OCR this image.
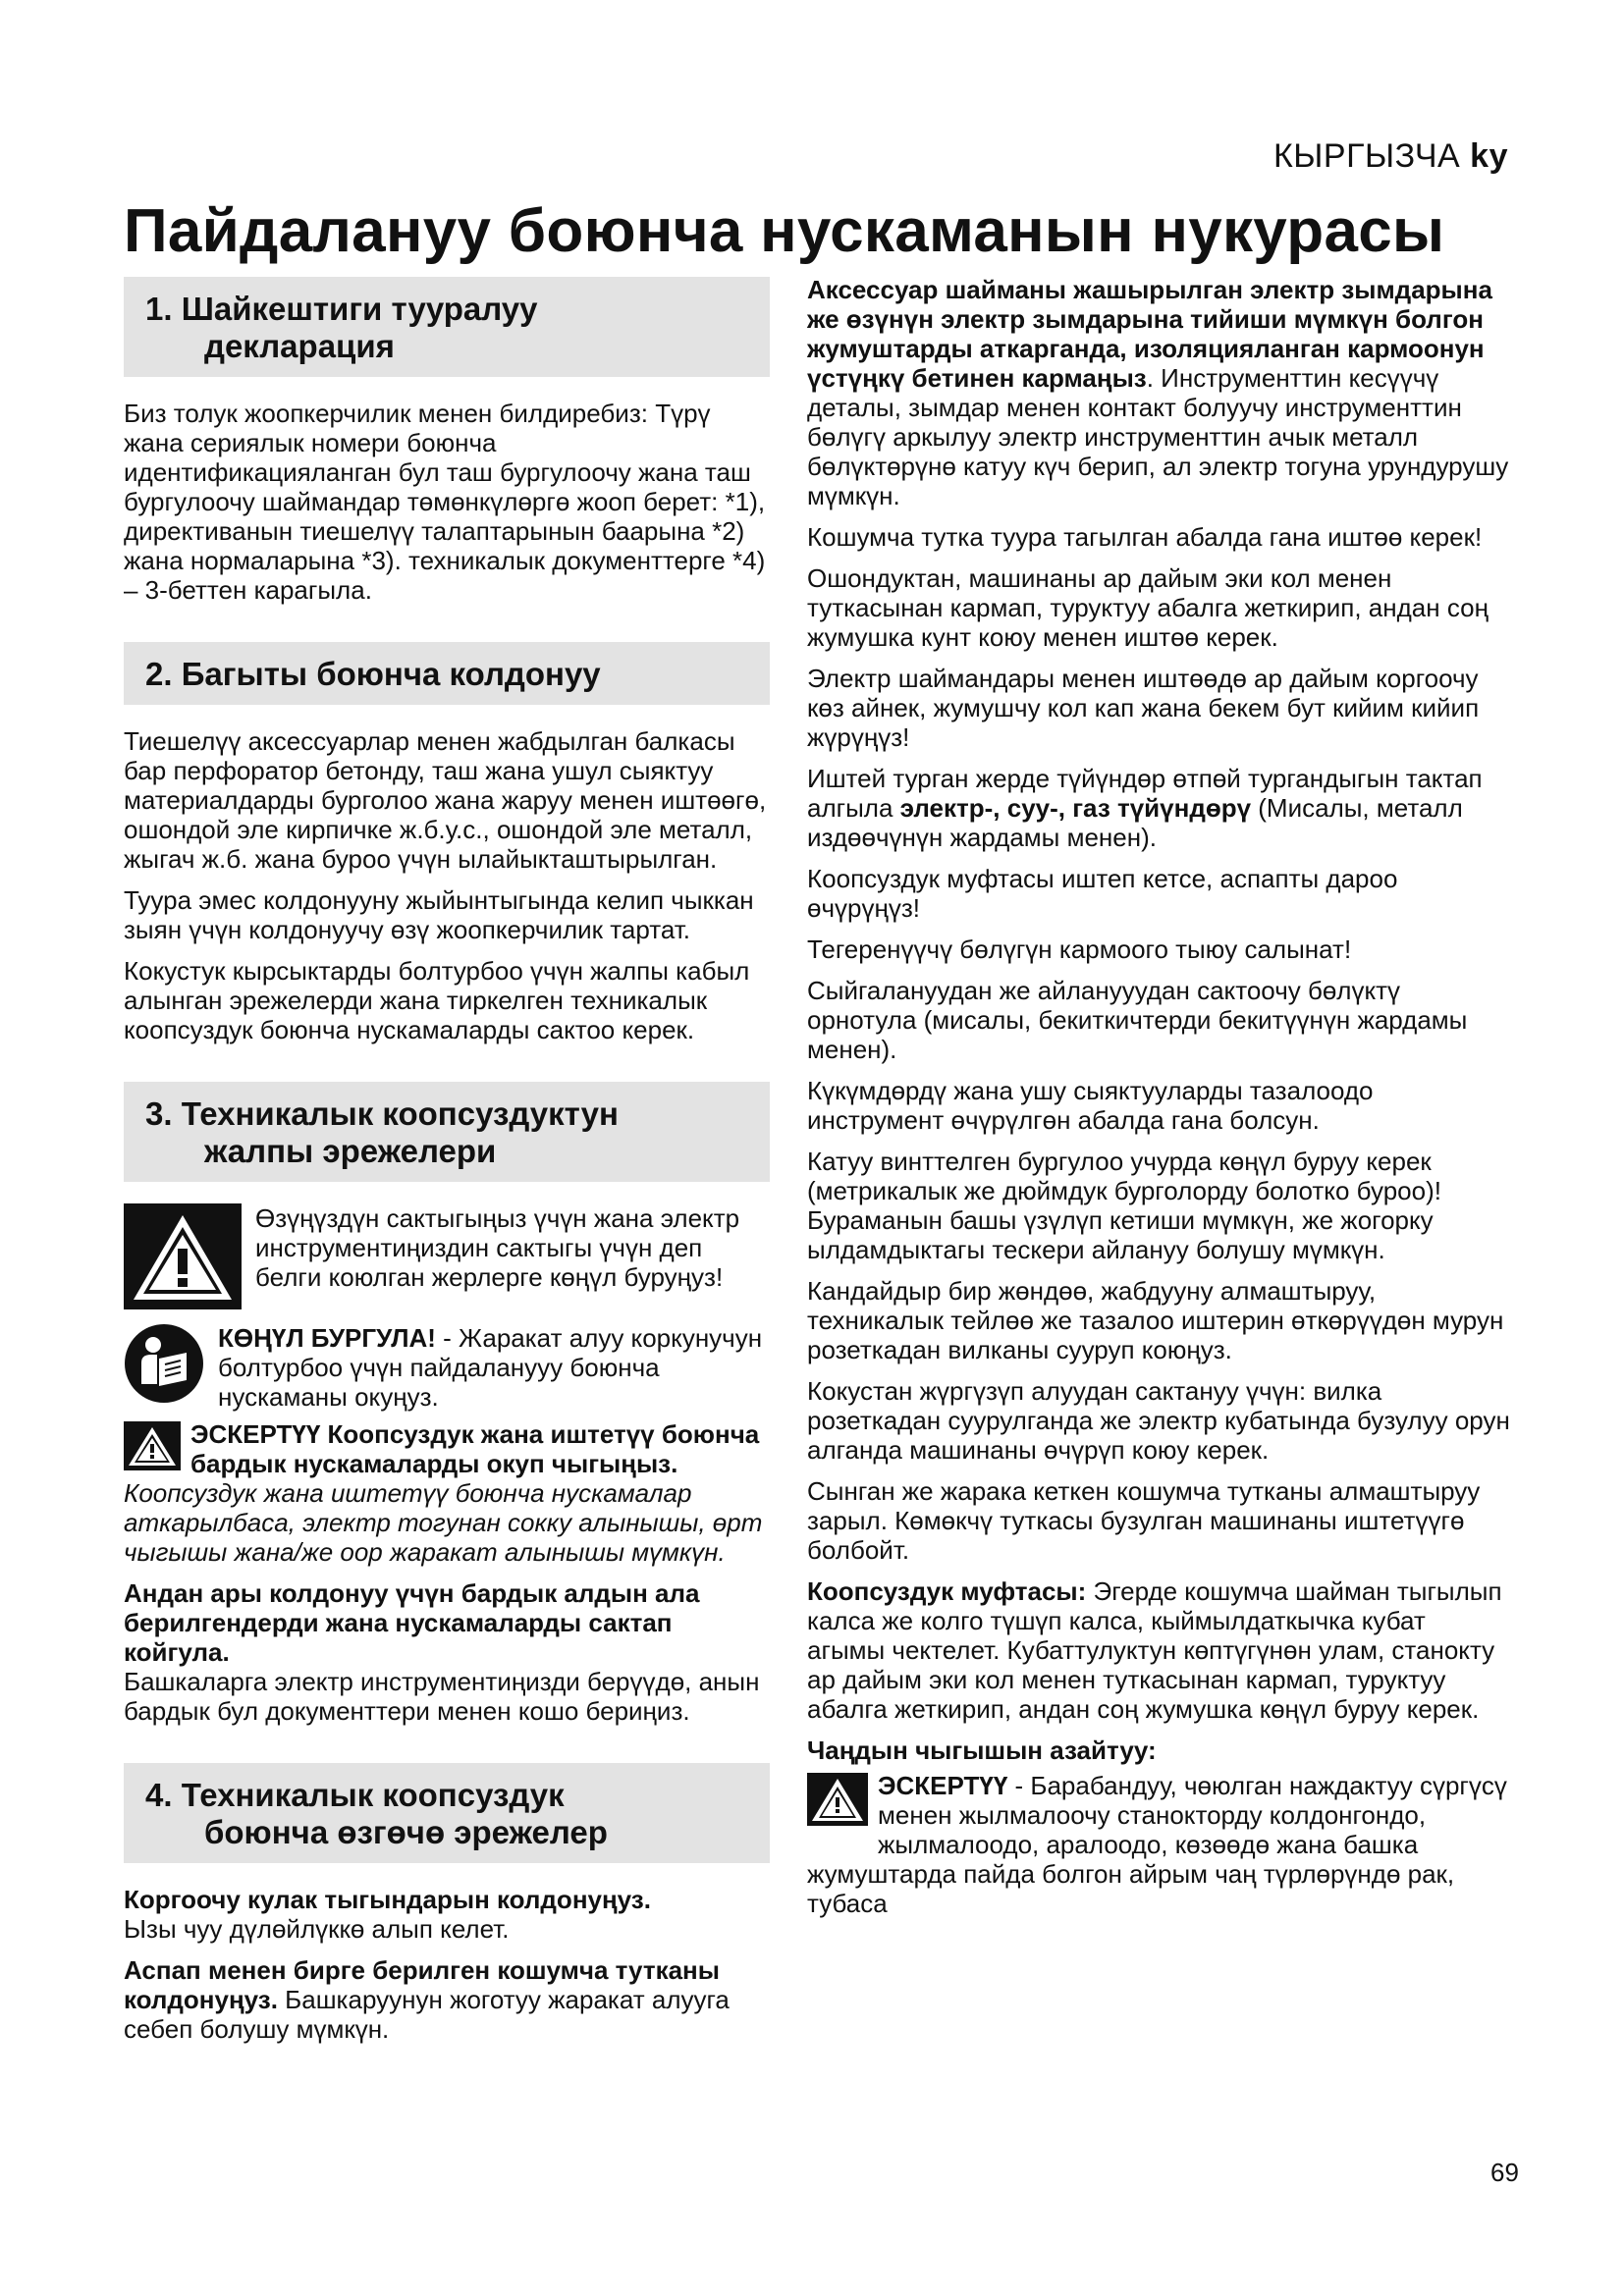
КЫРГЫЗЧА ky
Пайдалануу боюнча нускаманын нукурасы
1. Шайкештиги тууралуу
декларация

Биз толук жоопкерчилик менен билдиребиз: Түрү жана сериялык номери боюнча идентификацияланган бул таш бургулоочу жана таш бургулоочу шаймандар төмөнкүлөргө жооп берет: *1), директиванын тиешелүү талаптарынын баарына *2) жана нормаларына *3). техникалык документтерге *4) – 3-беттен карагыла.

2. Багыты боюнча колдонуу

Тиешелүү аксессуарлар менен жабдылган балкасы бар перфоратор бетонду, таш жана ушул сыяктуу материалдарды бурголоо жана жаруу менен иштөөгө, ошондой эле кирпичке ж.б.у.с., ошондой эле металл, жыгач ж.б. жана буроо үчүн ылайыкташтырылган.

Туура эмес колдонууну жыйынтыгында келип чыккан зыян үчүн колдонуучу өзү жоопкерчилик тартат.

Кокустук кырсыктарды болтурбоо үчүн жалпы кабыл алынган эрежелерди жана тиркелген техникалык коопсуздук боюнча нускамаларды сактоо керек.

3. Техникалык коопсуздуктун
жалпы эрежелери
Өзүңүздүн сактыгыңыз үчүн жана электр инструментиңиздин сактыгы үчүн деп белги коюлган жерлерге көңүл буруңуз!
КӨҢҮЛ БУРГУЛА! - Жаракат алуу коркунучун болтурбоо үчүн пайдаланууу боюнча нускаманы окуңуз.
ЭСКЕРТҮҮ Коопсуздук жана иштетүү боюнча бардык нускамаларды окуп чыгыңыз. Коопсуздук жана иштетүү боюнча нускамалар аткарылбаса, электр тогунан сокку алынышы, өрт чыгышы жана/же оор жаракат алынышы мүмкүн.
Андан ары колдонуу үчүн бардык алдын ала берилгендерди жана нускамаларды сактап койгула.
Башкаларга электр инструментиңизди берүүдө, анын бардык бул документтери менен кошо бериңиз.
4. Техникалык коопсуздук
боюнча өзгөчө эрежелер
Коргоочу кулак тыгындарын колдонуңуз.
Ызы чуу дүлөйлүккө алып келет.
Аспап менен бирге берилген кошумча тутканы колдонуңуз. Башкаруунун жоготуу жаракат алууга себеп болушу мүмкүн.

Аксессуар шайманы жашырылган электр зымдарына же өзүнүн электр зымдарына тийиши мүмкүн болгон жумуштарды аткарганда, изоляцияланган кармоонун үстүңкү бетинен кармаңыз. Инструменттин кесүүчү деталы, зымдар менен контакт болуучу инструменттин бөлүгү аркылуу электр инструменттин ачык металл бөлүктөрүнө катуу күч берип, ал электр тогуна урундурушу мүмкүн.

Кошумча тутка туура тагылган абалда гана иштөө керек!

Ошондуктан, машинаны ар дайым эки кол менен туткасынан кармап, туруктуу абалга жеткирип, андан соң жумушка кунт коюу менен иштөө керек.

Электр шаймандары менен иштөөдө ар дайым коргоочу көз айнек, жумушчу кол кап жана бекем бут кийим кийип жүрүңүз!

Иштей турган жерде түйүндөр өтпөй тургандыгын тактап алгыла электр-, суу-, газ түйүндөрү (Мисалы, металл издөөчүнүн жардамы менен).

Коопсуздук муфтасы иштеп кетсе, аспапты дароо өчүрүңүз!

Тегеренүүчү бөлүгүн кармоого тыюу салынат!

Сыйгалануудан же айланууудан сактоочу бөлүктү орнотула (мисалы, бекиткичтерди бекитүүнүн жардамы менен).

Күкүмдөрдү жана ушу сыяктууларды тазалоодо инструмент өчүрүлгөн абалда гана болсун.

Катуу винттелген бургулоо учурда көңүл буруу керек (метрикалык же дюймдук бурголорду болотко буроо)! Бураманын башы үзүлүп кетиши мүмкүн, же жогорку ылдамдыктагы тескери айлануу болушу мүмкүн.

Кандайдыр бир жөндөө, жабдууну алмаштыруу, техникалык тейлөө же тазалоо иштерин өткөрүүдөн мурун розеткадан вилканы сууруп коюңуз.

Кокустан жүргүзүп алуудан сактануу үчүн: вилка розеткадан суурулганда же электр кубатында бузулуу орун алганда машинаны өчүрүп коюу керек.

Сынган же жарака кеткен кошумча тутканы алмаштыруу зарыл. Көмөкчү туткасы бузулган машинаны иштетүүгө болбойт.

Коопсуздук муфтасы: Эгерде кошумча шайман тыгылып калса же колго түшүп калса, кыймылдаткычка кубат агымы чектелет. Кубаттулуктун көптүгүнөн улам, станокту ар дайым эки кол менен туткасынан кармап, туруктуу абалга жеткирип, андан соң жумушка көңүл буруу керек.

Чаңдын чыгышын азайтуу:
ЭСКЕРТҮҮ - Барабандуу, чөюлган наждактуу сүргүсү менен жылмалоочу станокторду колдонгондо, жылмалоодо, аралоодо, көзөөдө жана башка жумуштарда пайда болгон айрым чаң түрлөрүндө рак, тубаса
69
